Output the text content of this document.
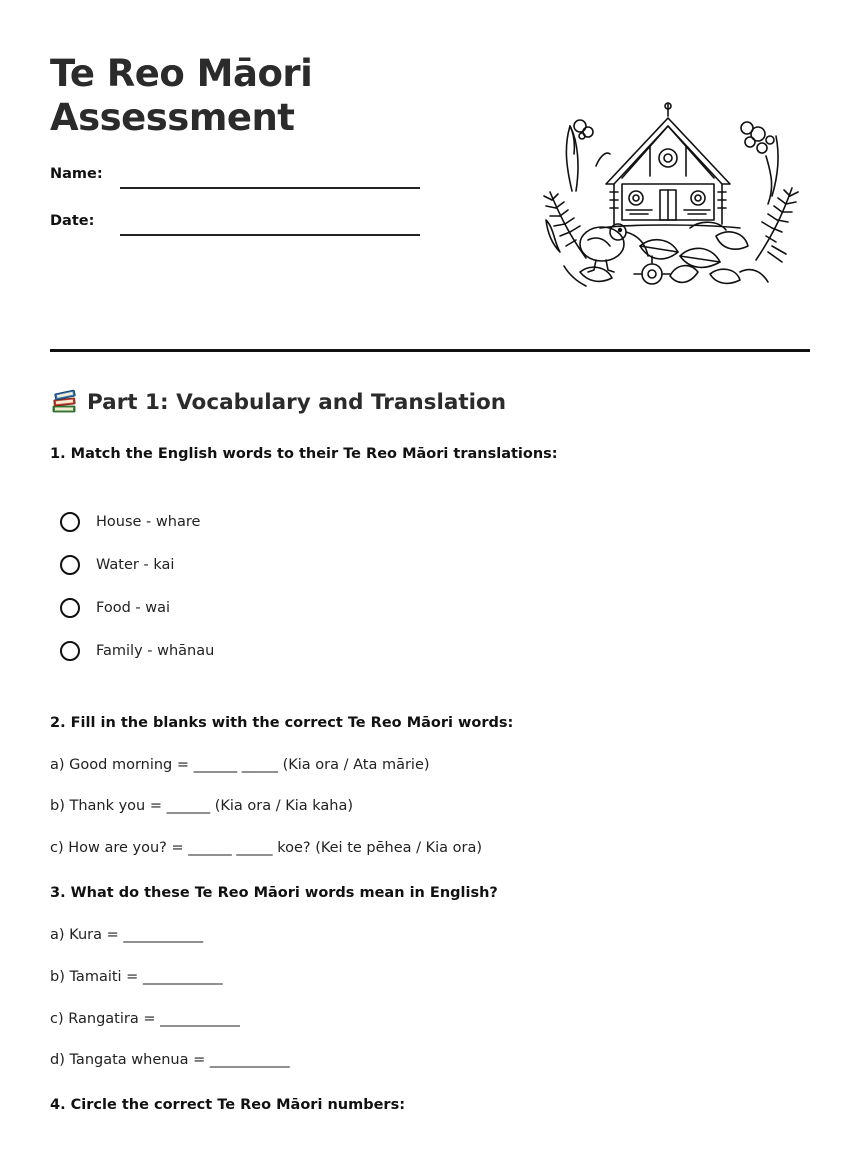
Te Reo Māori
Assessment
Name:
Date:
Part 1: Vocabulary and Translation
1. Match the English words to their Te Reo Māori translations:
House - whare
Water - kai
Food - wai
Family - whānau
2. Fill in the blanks with the correct Te Reo Māori words:
a) Good morning = ______ _____ (Kia ora / Ata mārie)
b) Thank you = ______ (Kia ora / Kia kaha)
c) How are you? = ______ _____ koe? (Kei te pēhea / Kia ora)
3. What do these Te Reo Māori words mean in English?
a) Kura = ___________
b) Tamaiti = ___________
c) Rangatira = ___________
d) Tangata whenua = ___________
4. Circle the correct Te Reo Māori numbers:
